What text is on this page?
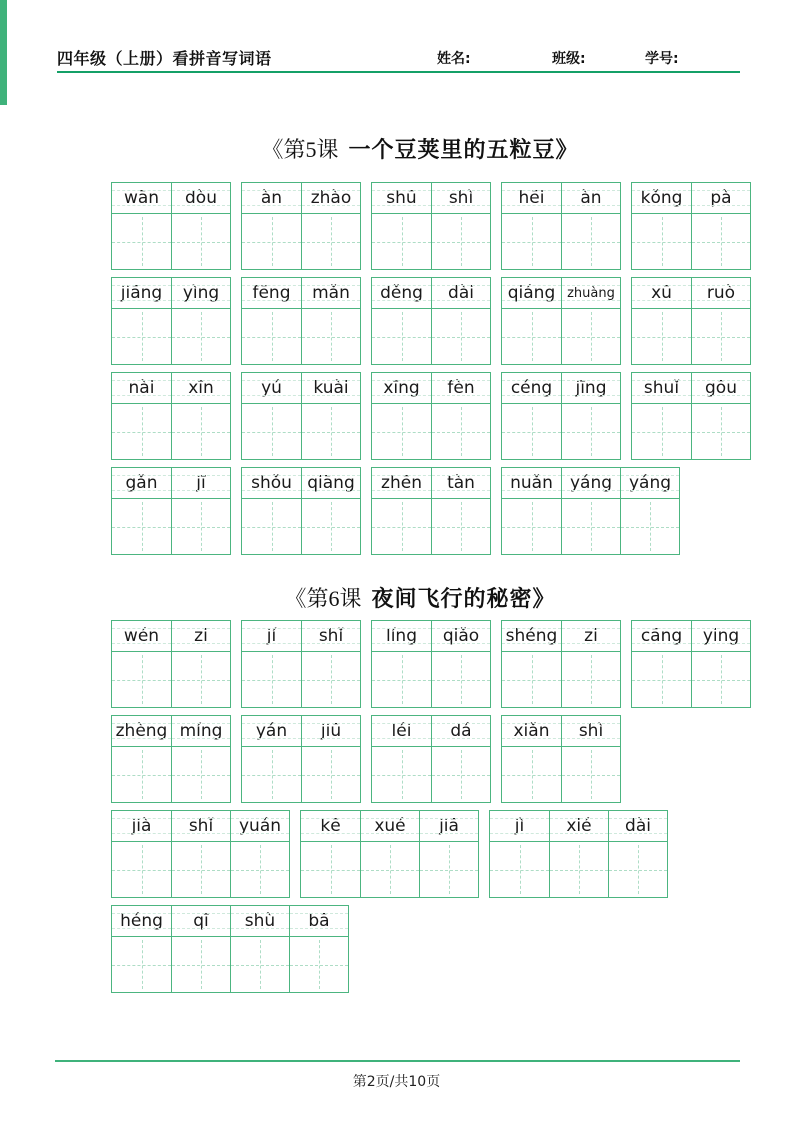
四年级（上册）看拼音写词语	姓名:	班级:	学号:
《第5课 一个豆荚里的五粒豆》
wān	dòu	àn	zhào	shū	shì	hēi	àn	kǒng	pà
jiāng	yìng	fēng	mǎn	děng	dài	qiáng zhuàng	xū	ruò
nài	xīn	yú	kuài	xīng	fèn	céng	jīng	shuǐ	gōu
gǎn	jī	shǒu qiāng	zhēn	tàn	nuǎn	yáng yáng
《第6课 夜间飞行的秘密》
wén	zi	jí	shǐ	líng	qiǎo	shéng	zi	cāng	ying
zhèng míng	yán	jiū	léi	dá	xiǎn	shì
jià	shǐ	yuán	kē	xué	jiā	jì	xié	dài
héng	qī	shù	bā
第2页/共10页
